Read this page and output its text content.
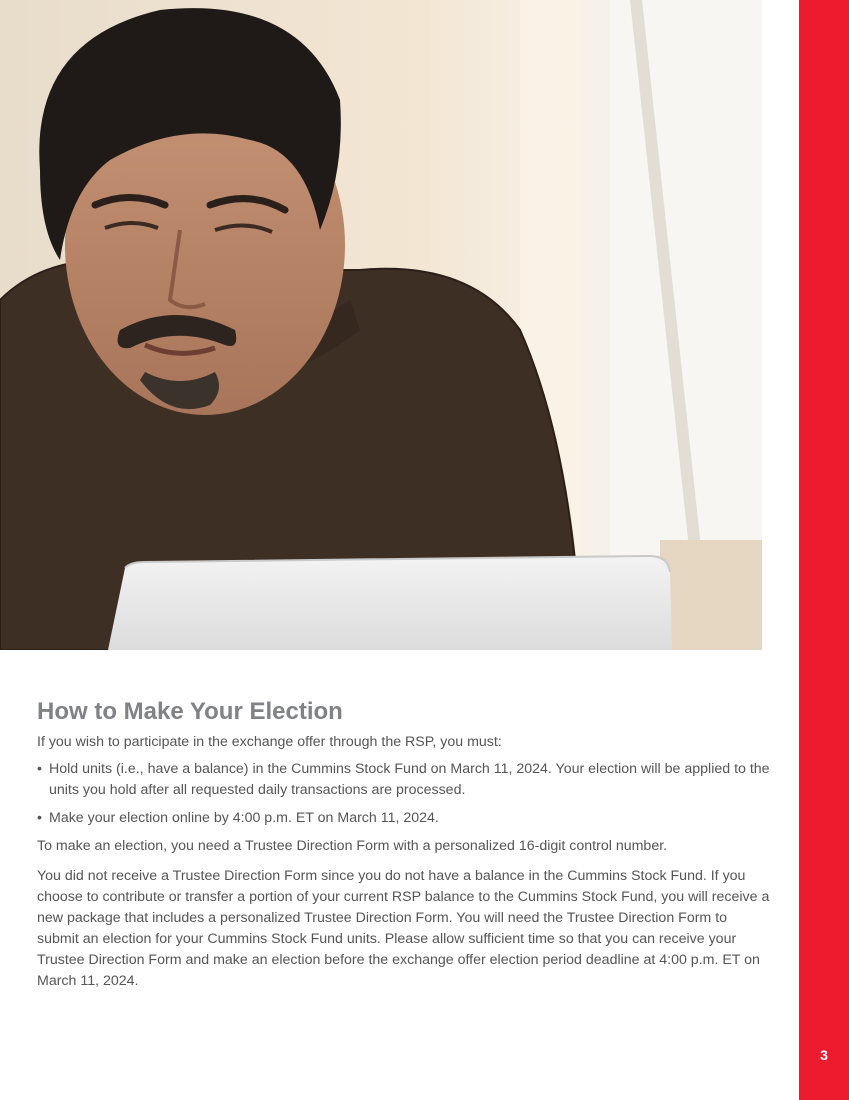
3
How to Make Your Election

If you wish to participate in the exchange offer through the RSP, you must:

• Hold units (i.e., have a balance) in the Cummins Stock Fund on March 11, 2024. Your election will be applied to the units you hold after all requested daily transactions are processed.
• Make your election online by 4:00 p.m. ET on March 11, 2024.

To make an election, you need a Trustee Direction Form with a personalized 16-digit control number.

You did not receive a Trustee Direction Form since you do not have a balance in the Cummins Stock Fund. If you choose to contribute or transfer a portion of your current RSP balance to the Cummins Stock Fund, you will receive a new package that includes a personalized Trustee Direction Form. You will need the Trustee Direction Form to submit an election for your Cummins Stock Fund units. Please allow sufficient time so that you can receive your Trustee Direction Form and make an election before the exchange offer election period deadline at 4:00 p.m. ET on March 11, 2024.
